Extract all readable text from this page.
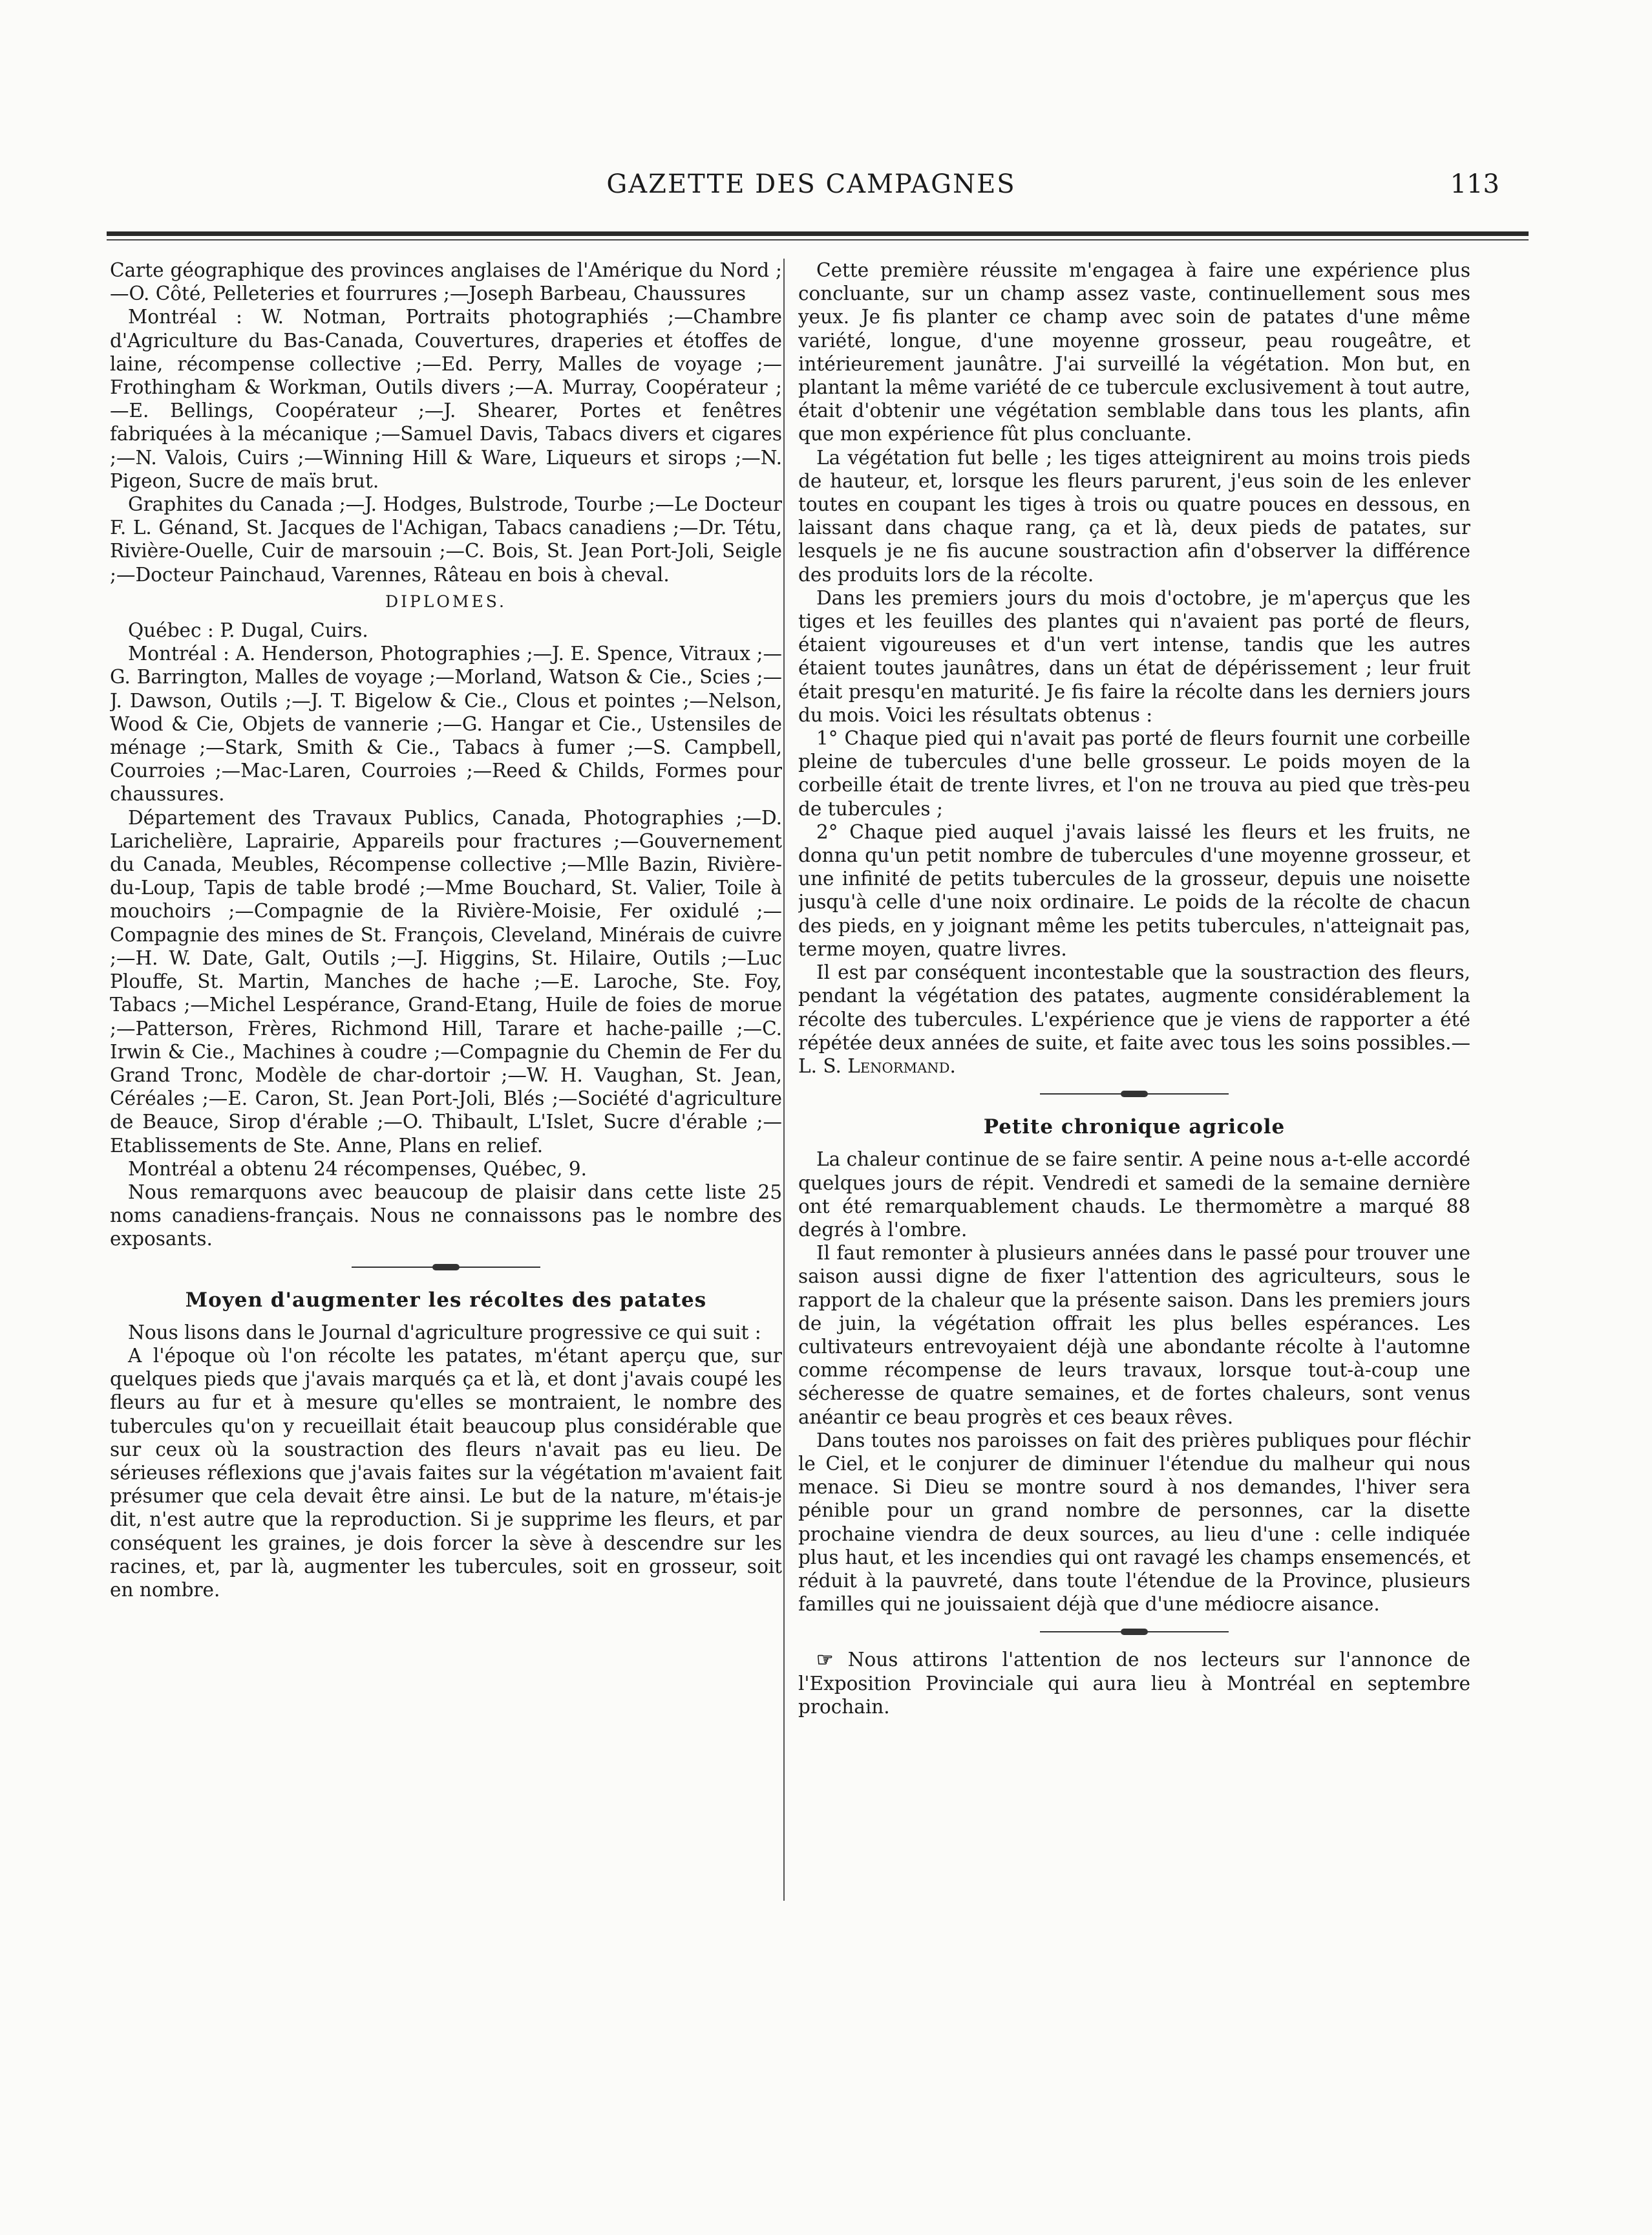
GAZETTE DES CAMPAGNES	113

Carte géographique des provinces anglaises de l'Amérique du Nord ;—O. Côté, Pelleteries et fourrures ;—Joseph Barbeau, Chaussures

Montréal : W. Notman, Portraits photographiés ;—Chambre d'Agriculture du Bas-Canada, Couvertures, draperies et étoffes de laine, récompense collective ;—Ed. Perry, Malles de voyage ;—Frothingham & Workman, Outils divers ;—A. Murray, Coopérateur ;—E. Bellings, Coopérateur ;—J. Shearer, Portes et fenêtres fabriquées à la mécanique ;—Samuel Davis, Tabacs divers et cigares ;—N. Valois, Cuirs ;—Winning Hill & Ware, Liqueurs et sirops ;—N. Pigeon, Sucre de maïs brut.

Graphites du Canada ;—J. Hodges, Bulstrode, Tourbe ;—Le Docteur F. L. Génand, St. Jacques de l'Achigan, Tabacs canadiens ;—Dr. Tétu, Rivière-Ouelle, Cuir de marsouin ;—C. Bois, St. Jean Port-Joli, Seigle ;—Docteur Painchaud, Varennes, Râteau en bois à cheval.

DIPLOMES.

Québec : P. Dugal, Cuirs.

Montréal : A. Henderson, Photographies ;—J. E. Spence, Vitraux ;—G. Barrington, Malles de voyage ;—Morland, Watson & Cie., Scies ;—J. Dawson, Outils ;—J. T. Bigelow & Cie., Clous et pointes ;—Nelson, Wood & Cie, Objets de vannerie ;—G. Hangar et Cie., Ustensiles de ménage ;—Stark, Smith & Cie., Tabacs à fumer ;—S. Campbell, Courroies ;—Mac-Laren, Courroies ;—Reed & Childs, Formes pour chaussures.

Département des Travaux Publics, Canada, Photographies ;—D. Larichelière, Laprairie, Appareils pour fractures ;—Gouvernement du Canada, Meubles, Récompense collective ;—Mlle Bazin, Rivière-du-Loup, Tapis de table brodé ;—Mme Bouchard, St. Valier, Toile à mouchoirs ;—Compagnie de la Rivière-Moisie, Fer oxidulé ;—Compagnie des mines de St. François, Cleveland, Minérais de cuivre ;—H. W. Date, Galt, Outils ;—J. Higgins, St. Hilaire, Outils ;—Luc Plouffe, St. Martin, Manches de hache ;—E. Laroche, Ste. Foy, Tabacs ;—Michel Lespérance, Grand-Etang, Huile de foies de morue ;—Patterson, Frères, Richmond Hill, Tarare et hache-paille ;—C. Irwin & Cie., Machines à coudre ;—Compagnie du Chemin de Fer du Grand Tronc, Modèle de char-dortoir ;—W. H. Vaughan, St. Jean, Céréales ;—E. Caron, St. Jean Port-Joli, Blés ;—Société d'agriculture de Beauce, Sirop d'érable ;—O. Thibault, L'Islet, Sucre d'érable ;—Etablissements de Ste. Anne, Plans en relief.

Montréal a obtenu 24 récompenses, Québec, 9.

Nous remarquons avec beaucoup de plaisir dans cette liste 25 noms canadiens-français. Nous ne connaissons pas le nombre des exposants.

Moyen d'augmenter les récoltes des patates

Nous lisons dans le Journal d'agriculture progressive ce qui suit :

A l'époque où l'on récolte les patates, m'étant aperçu que, sur quelques pieds que j'avais marqués ça et là, et dont j'avais coupé les fleurs au fur et à mesure qu'elles se montraient, le nombre des tubercules qu'on y recueillait était beaucoup plus considérable que sur ceux où la soustraction des fleurs n'avait pas eu lieu. De sérieuses réflexions que j'avais faites sur la végétation m'avaient fait présumer que cela devait être ainsi. Le but de la nature, m'étais-je dit, n'est autre que la reproduction. Si je supprime les fleurs, et par conséquent les graines, je dois forcer la sève à descendre sur les racines, et, par là, augmenter les tubercules, soit en grosseur, soit en nombre.

Cette première réussite m'engagea à faire une expérience plus concluante, sur un champ assez vaste, continuellement sous mes yeux. Je fis planter ce champ avec soin de patates d'une même variété, longue, d'une moyenne grosseur, peau rougeâtre, et intérieurement jaunâtre. J'ai surveillé la végétation. Mon but, en plantant la même variété de ce tubercule exclusivement à tout autre, était d'obtenir une végétation semblable dans tous les plants, afin que mon expérience fût plus concluante.

La végétation fut belle ; les tiges atteignirent au moins trois pieds de hauteur, et, lorsque les fleurs parurent, j'eus soin de les enlever toutes en coupant les tiges à trois ou quatre pouces en dessous, en laissant dans chaque rang, ça et là, deux pieds de patates, sur lesquels je ne fis aucune soustraction afin d'observer la différence des produits lors de la récolte.

Dans les premiers jours du mois d'octobre, je m'aperçus que les tiges et les feuilles des plantes qui n'avaient pas porté de fleurs, étaient vigoureuses et d'un vert intense, tandis que les autres étaient toutes jaunâtres, dans un état de dépérissement ; leur fruit était presqu'en maturité. Je fis faire la récolte dans les derniers jours du mois. Voici les résultats obtenus :

1° Chaque pied qui n'avait pas porté de fleurs fournit une corbeille pleine de tubercules d'une belle grosseur. Le poids moyen de la corbeille était de trente livres, et l'on ne trouva au pied que très-peu de tubercules ;

2° Chaque pied auquel j'avais laissé les fleurs et les fruits, ne donna qu'un petit nombre de tubercules d'une moyenne grosseur, et une infinité de petits tubercules de la grosseur, depuis une noisette jusqu'à celle d'une noix ordinaire. Le poids de la récolte de chacun des pieds, en y joignant même les petits tubercules, n'atteignait pas, terme moyen, quatre livres.

Il est par conséquent incontestable que la soustraction des fleurs, pendant la végétation des patates, augmente considérablement la récolte des tubercules. L'expérience que je viens de rapporter a été répétée deux années de suite, et faite avec tous les soins possibles.—L. S. Lenormand.

Petite chronique agricole

La chaleur continue de se faire sentir. A peine nous a-t-elle accordé quelques jours de répit. Vendredi et samedi de la semaine dernière ont été remarquablement chauds. Le thermomètre a marqué 88 degrés à l'ombre.

Il faut remonter à plusieurs années dans le passé pour trouver une saison aussi digne de fixer l'attention des agriculteurs, sous le rapport de la chaleur que la présente saison. Dans les premiers jours de juin, la végétation offrait les plus belles espérances. Les cultivateurs entrevoyaient déjà une abondante récolte à l'automne comme récompense de leurs travaux, lorsque tout-à-coup une sécheresse de quatre semaines, et de fortes chaleurs, sont venus anéantir ce beau progrès et ces beaux rêves.

Dans toutes nos paroisses on fait des prières publiques pour fléchir le Ciel, et le conjurer de diminuer l'étendue du malheur qui nous menace. Si Dieu se montre sourd à nos demandes, l'hiver sera pénible pour un grand nombre de personnes, car la disette prochaine viendra de deux sources, au lieu d'une : celle indiquée plus haut, et les incendies qui ont ravagé les champs ensemencés, et réduit à la pauvreté, dans toute l'étendue de la Province, plusieurs familles qui ne jouissaient déjà que d'une médiocre aisance.

☞ Nous attirons l'attention de nos lecteurs sur l'annonce de l'Exposition Provinciale qui aura lieu à Montréal en septembre prochain.
